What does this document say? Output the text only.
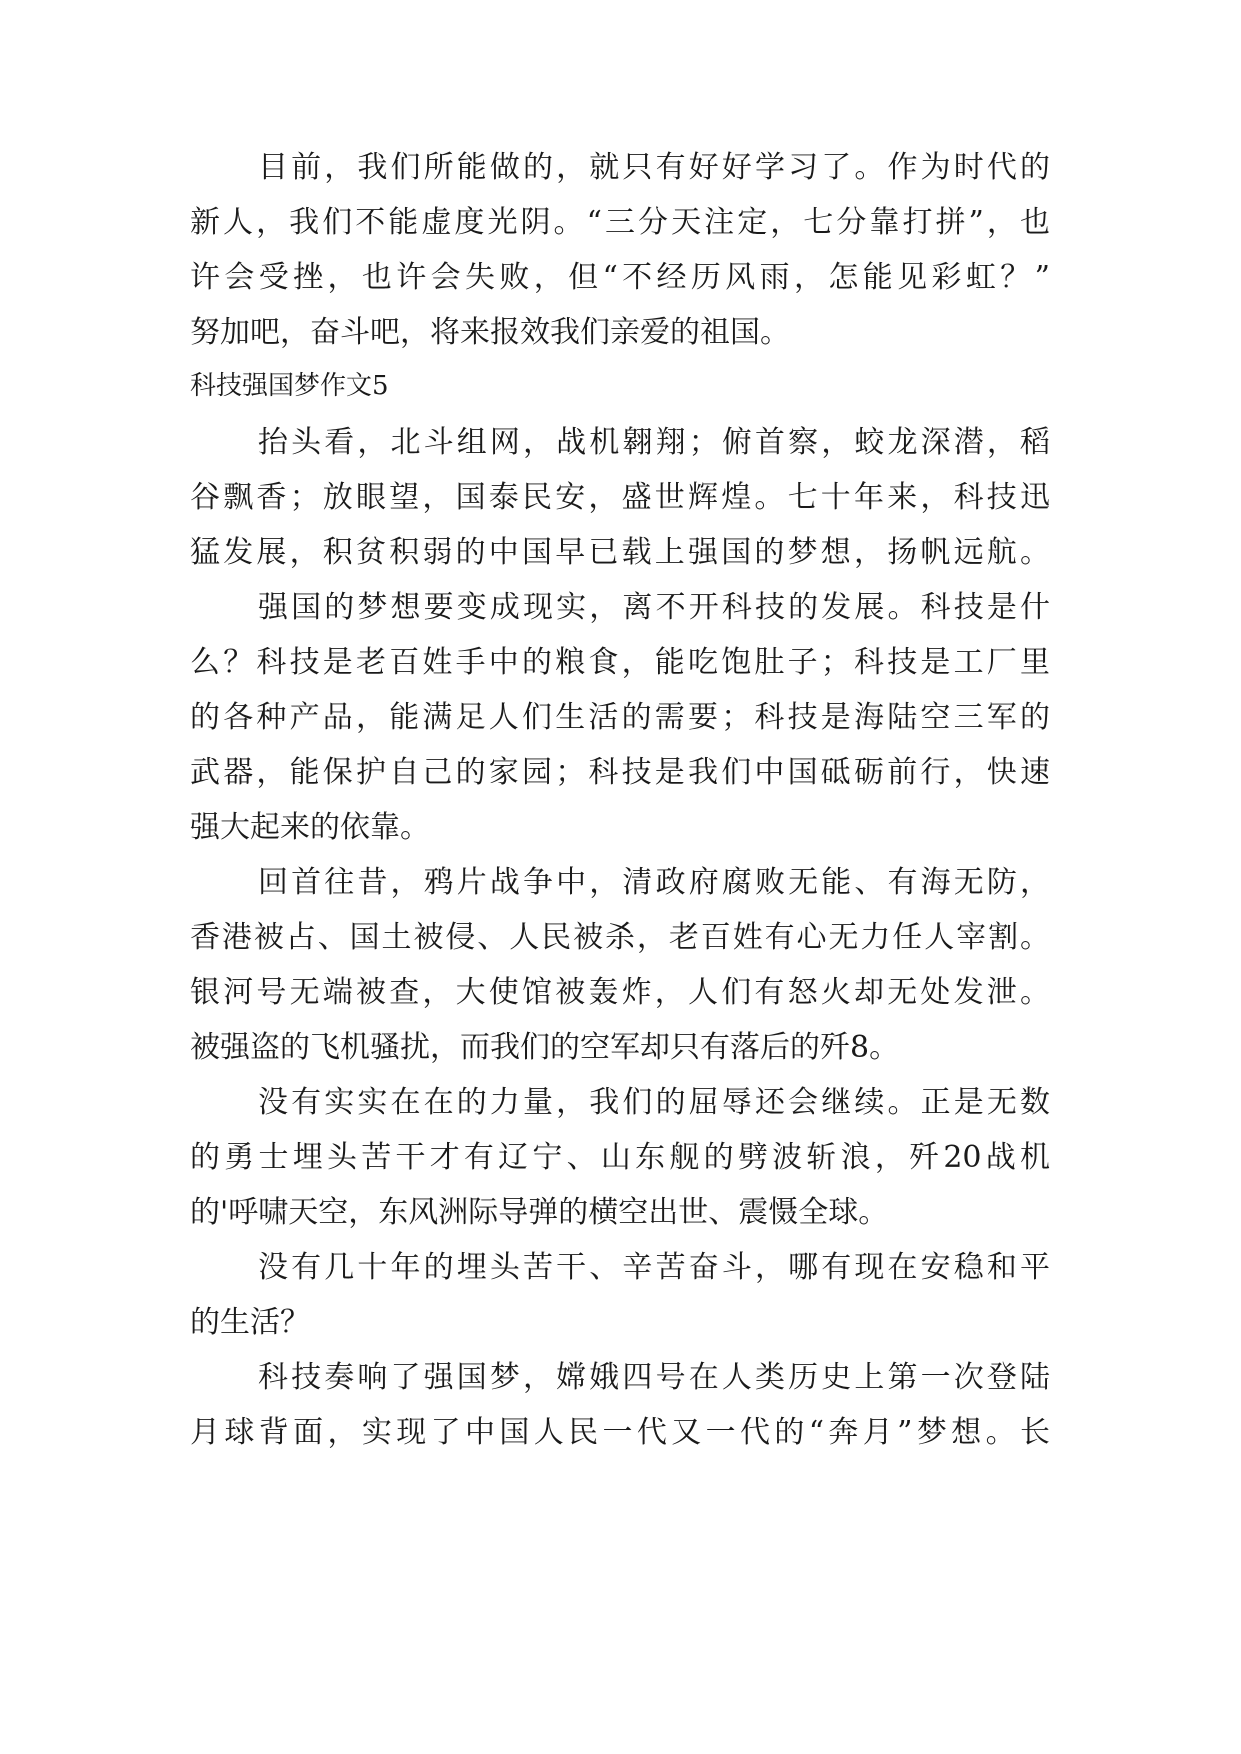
目前，我们所能做的，就只有好好学习了。作为时代的
新人，我们不能虚度光阴。“三分天注定，七分靠打拼”，也
许会受挫，也许会失败，但“不经历风雨，怎能见彩虹？”
努加吧，奋斗吧，将来报效我们亲爱的祖国。
科技强国梦作文5
抬头看，北斗组网，战机翱翔；俯首察，蛟龙深潜，稻
谷飘香；放眼望，国泰民安，盛世辉煌。七十年来，科技迅
猛发展，积贫积弱的中国早已载上强国的梦想，扬帆远航。
强国的梦想要变成现实，离不开科技的发展。科技是什
么？科技是老百姓手中的粮食，能吃饱肚子；科技是工厂里
的各种产品，能满足人们生活的需要；科技是海陆空三军的
武器，能保护自己的家园；科技是我们中国砥砺前行，快速
强大起来的依靠。
回首往昔，鸦片战争中，清政府腐败无能、有海无防，
香港被占、国土被侵、人民被杀，老百姓有心无力任人宰割。
银河号无端被查，大使馆被轰炸，人们有怒火却无处发泄。
被强盗的飞机骚扰，而我们的空军却只有落后的歼8。
没有实实在在的力量，我们的屈辱还会继续。正是无数
的勇士埋头苦干才有辽宁、山东舰的劈波斩浪，歼20战机
的'呼啸天空，东风洲际导弹的横空出世、震慑全球。
没有几十年的埋头苦干、辛苦奋斗，哪有现在安稳和平
的生活？
科技奏响了强国梦，嫦娥四号在人类历史上第一次登陆
月球背面，实现了中国人民一代又一代的“奔月”梦想。长
